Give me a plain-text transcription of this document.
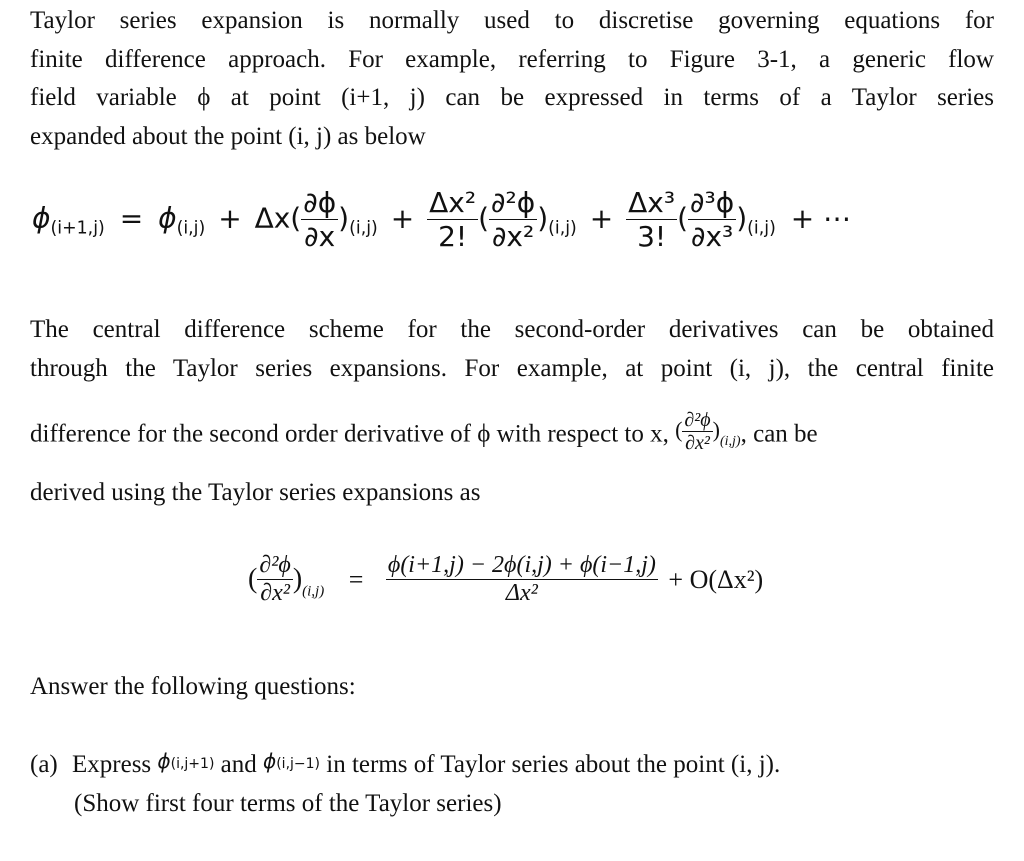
Taylor series expansion is normally used to discretise governing equations for
finite difference approach. For example, referring to Figure 3-1, a generic flow
field variable ϕ at point (i+1, j) can be expressed in terms of a Taylor series
expanded about the point (i, j) as below
$\phi_{(i+1,j)} = \phi_{(i,j)} + \Delta x( \frac{\partial\phi}{\partial x} )_{(i,j)} + \frac{\text{Δx²}}{2!}$ ( $\frac{\text{∂²ϕ}}{\text{∂x²}} )_{(i,j)} + \frac{\text{Δx³}}{3!}$ ( $\frac{\text{∂³ϕ}}{\text{∂x³}} )_{(i,j)}$ + ⋯
The central difference scheme for the second-order derivatives can be obtained
through the Taylor series expansions. For example, at point (i, j), the central finite
difference for the second order derivative of ϕ with respect to x, ( $\frac{\text{∂²ϕ}}{\text{∂x²}} )_{(i,j)}$, can be
derived using the Taylor series expansions as
( $\frac{\text{∂²ϕ}}{\text{∂x²}} )_{(i,j)} = \frac{\phi(i+1,j) - 2\phi(i,j) + \phi(i-1,j)}{\text{Δx²}} + O(\Delta x^2)$
Answer the following questions:
(a) Express ϕ(i,j+1) and ϕ(i,j−1) in terms of Taylor series about the point (i, j).
(Show first four terms of the Taylor series)
